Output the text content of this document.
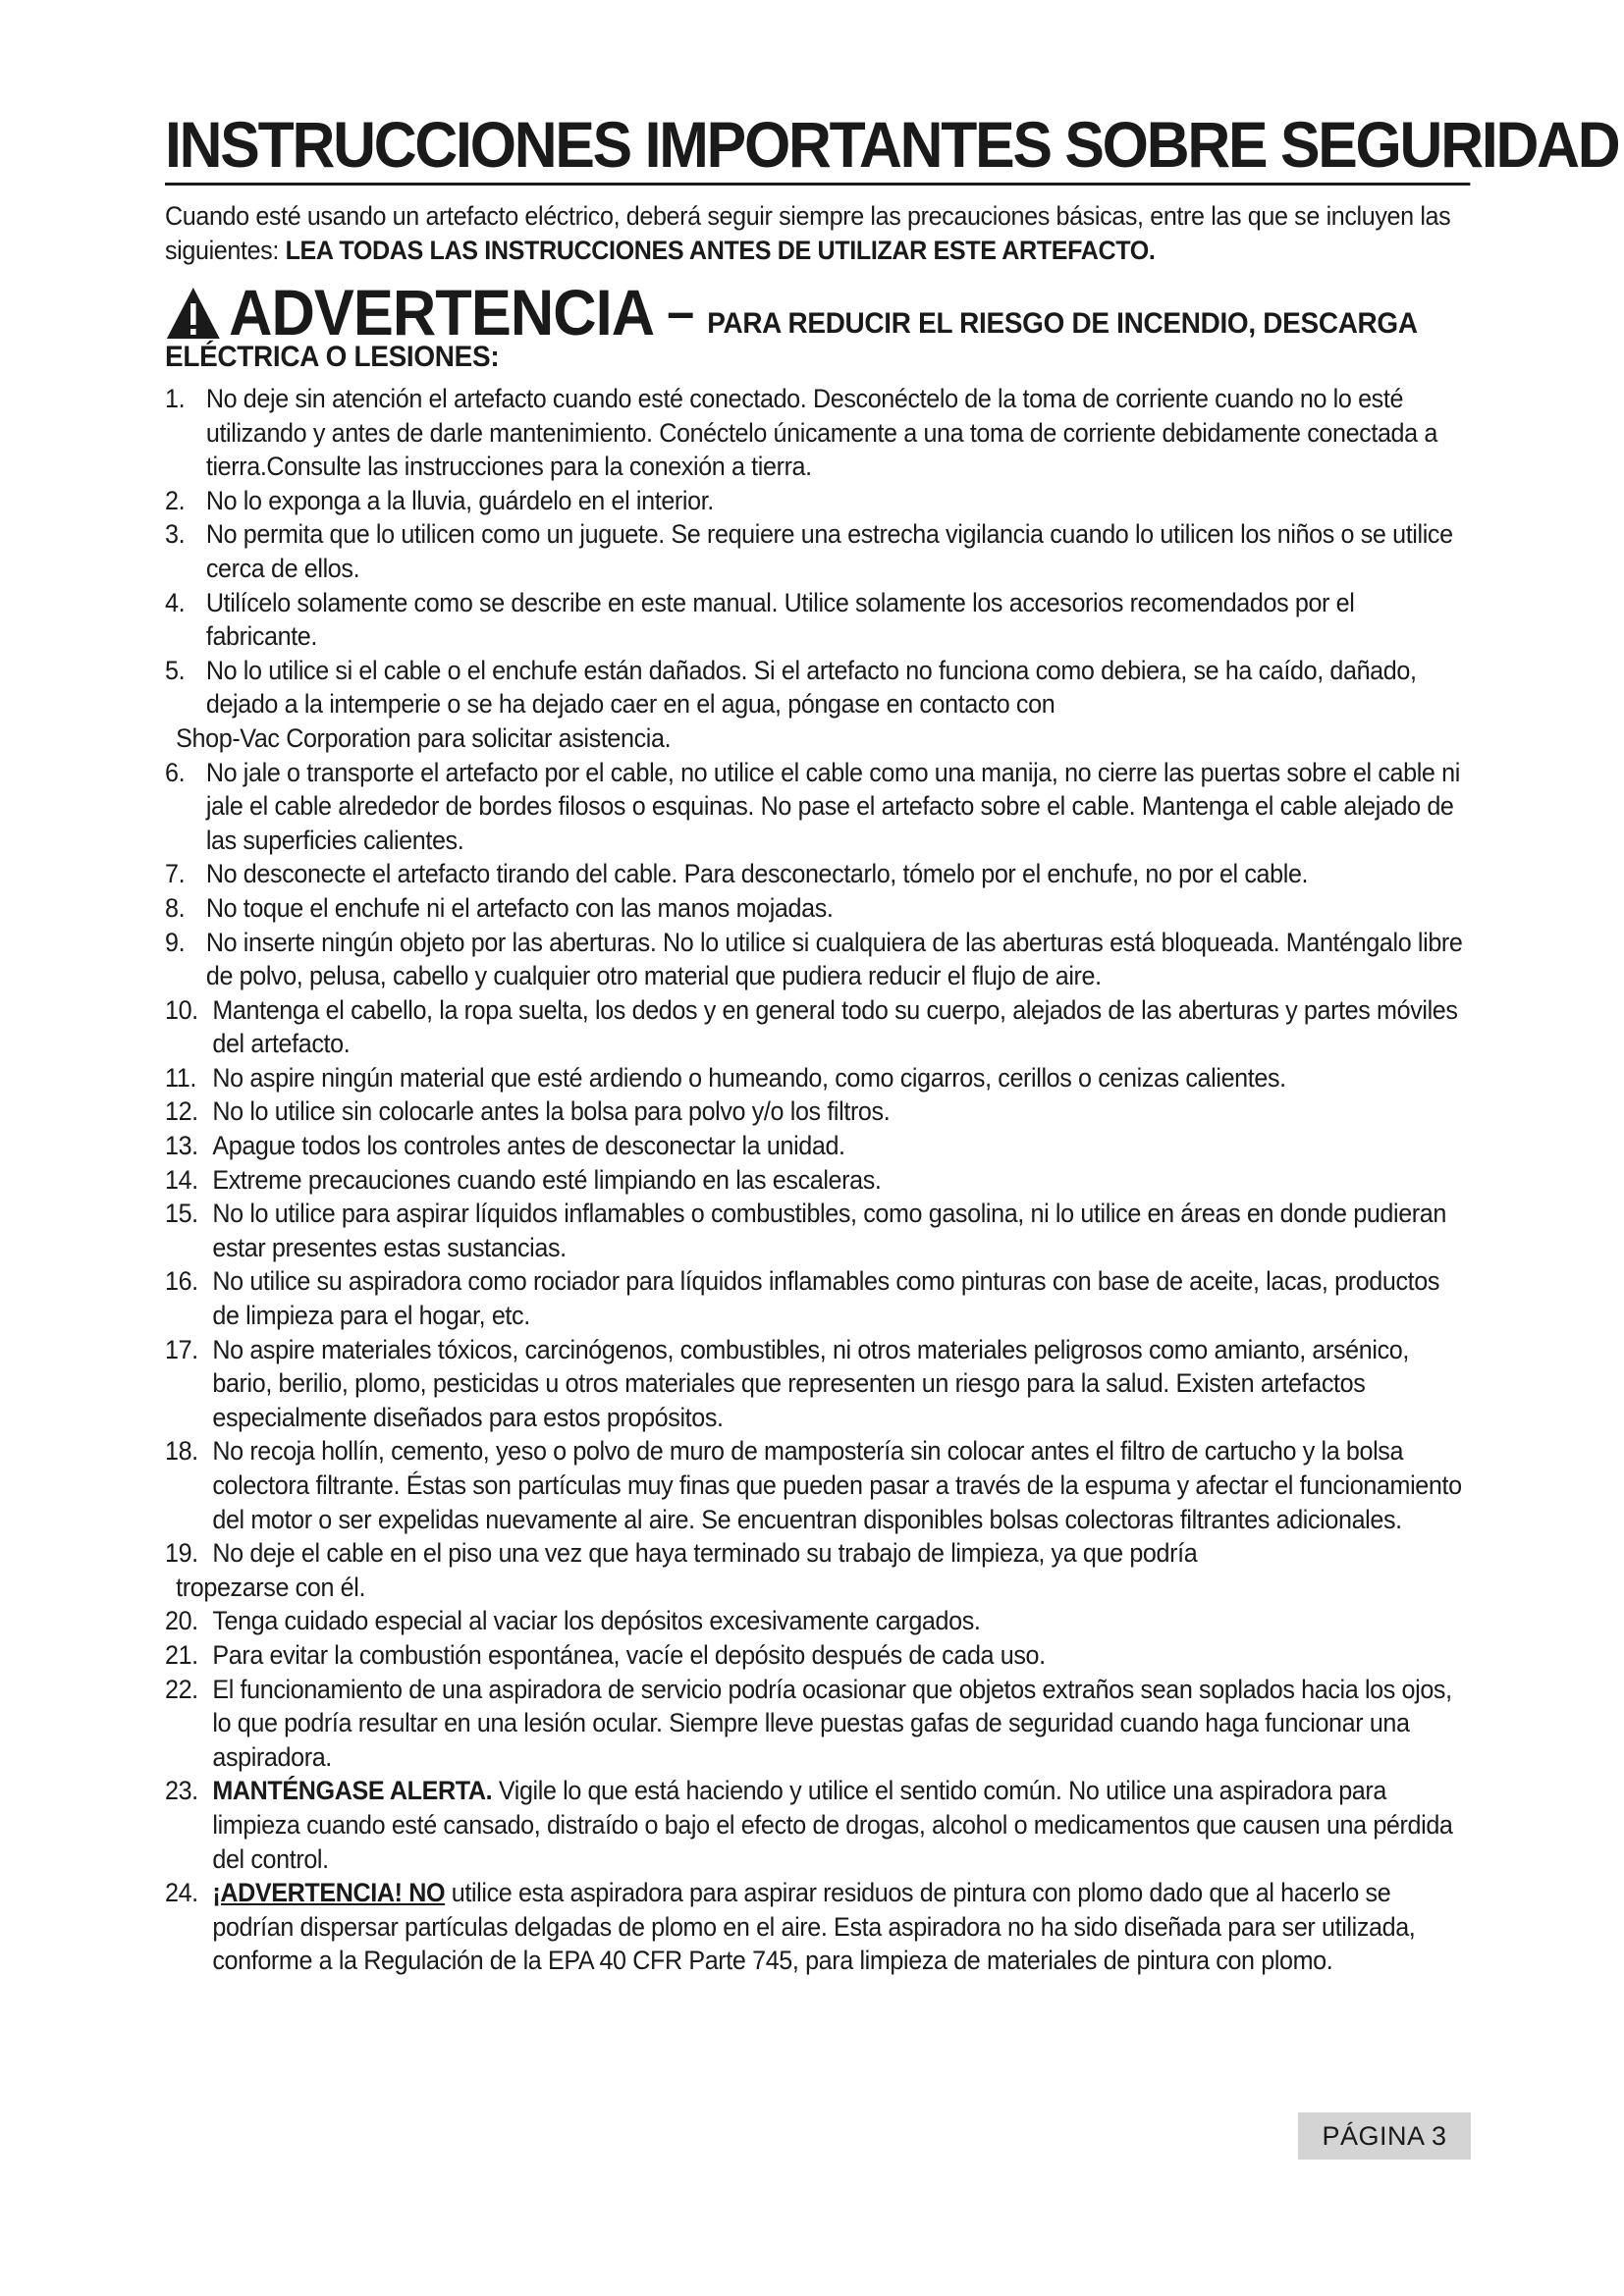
INSTRUCCIONES IMPORTANTES SOBRE SEGURIDAD
Cuando esté usando un artefacto eléctrico, deberá seguir siempre las precauciones básicas, entre las que se incluyen las siguientes: LEA TODAS LAS INSTRUCCIONES ANTES DE UTILIZAR ESTE ARTEFACTO.
ADVERTENCIA – PARA REDUCIR EL RIESGO DE INCENDIO, DESCARGA
ELÉCTRICA O LESIONES:
1. No deje sin atención el artefacto cuando esté conectado. Desconéctelo de la toma de corriente cuando no lo esté utilizando y antes de darle mantenimiento. Conéctelo únicamente a una toma de corriente debidamente conectada a tierra.Consulte las instrucciones para la conexión a tierra.
2. No lo exponga a la lluvia, guárdelo en el interior.
3. No permita que lo utilicen como un juguete. Se requiere una estrecha vigilancia cuando lo utilicen los niños o se utilice cerca de ellos.
4. Utilícelo solamente como se describe en este manual. Utilice solamente los accesorios recomendados por el fabricante.
5. No lo utilice si el cable o el enchufe están dañados. Si el artefacto no funciona como debiera, se ha caído, dañado, dejado a la intemperie o se ha dejado caer en el agua, póngase en contacto con
Shop-Vac Corporation para solicitar asistencia.
6. No jale o transporte el artefacto por el cable, no utilice el cable como una manija, no cierre las puertas sobre el cable ni jale el cable alrededor de bordes filosos o esquinas. No pase el artefacto sobre el cable. Mantenga el cable alejado de las superficies calientes.
7. No desconecte el artefacto tirando del cable. Para desconectarlo, tómelo por el enchufe, no por el cable.
8. No toque el enchufe ni el artefacto con las manos mojadas.
9. No inserte ningún objeto por las aberturas. No lo utilice si cualquiera de las aberturas está bloqueada. Manténgalo libre de polvo, pelusa, cabello y cualquier otro material que pudiera reducir el flujo de aire.
10. Mantenga el cabello, la ropa suelta, los dedos y en general todo su cuerpo, alejados de las aberturas y partes móviles del artefacto.
11. No aspire ningún material que esté ardiendo o humeando, como cigarros, cerillos o cenizas calientes.
12. No lo utilice sin colocarle antes la bolsa para polvo y/o los filtros.
13. Apague todos los controles antes de desconectar la unidad.
14. Extreme precauciones cuando esté limpiando en las escaleras.
15. No lo utilice para aspirar líquidos inflamables o combustibles, como gasolina, ni lo utilice en áreas en donde pudieran estar presentes estas sustancias.
16. No utilice su aspiradora como rociador para líquidos inflamables como pinturas con base de aceite, lacas, productos de limpieza para el hogar, etc.
17. No aspire materiales tóxicos, carcinógenos, combustibles, ni otros materiales peligrosos como amianto, arsénico, bario, berilio, plomo, pesticidas u otros materiales que representen un riesgo para la salud. Existen artefactos especialmente diseñados para estos propósitos.
18. No recoja hollín, cemento, yeso o polvo de muro de mampostería sin colocar antes el filtro de cartucho y la bolsa colectora filtrante. Éstas son partículas muy finas que pueden pasar a través de la espuma y afectar el funcionamiento del motor o ser expelidas nuevamente al aire. Se encuentran disponibles bolsas colectoras filtrantes adicionales.
19. No deje el cable en el piso una vez que haya terminado su trabajo de limpieza, ya que podría
tropezarse con él.
20. Tenga cuidado especial al vaciar los depósitos excesivamente cargados.
21. Para evitar la combustión espontánea, vacíe el depósito después de cada uso.
22. El funcionamiento de una aspiradora de servicio podría ocasionar que objetos extraños sean soplados hacia los ojos, lo que podría resultar en una lesión ocular. Siempre lleve puestas gafas de seguridad cuando haga funcionar una aspiradora.
23. MANTÉNGASE ALERTA. Vigile lo que está haciendo y utilice el sentido común. No utilice una aspiradora para limpieza cuando esté cansado, distraído o bajo el efecto de drogas, alcohol o medicamentos que causen una pérdida del control.
24. ¡ADVERTENCIA! NO utilice esta aspiradora para aspirar residuos de pintura con plomo dado que al hacerlo se podrían dispersar partículas delgadas de plomo en el aire. Esta aspiradora no ha sido diseñada para ser utilizada, conforme a la Regulación de la EPA 40 CFR Parte 745, para limpieza de materiales de pintura con plomo.
PÁGINA 3
